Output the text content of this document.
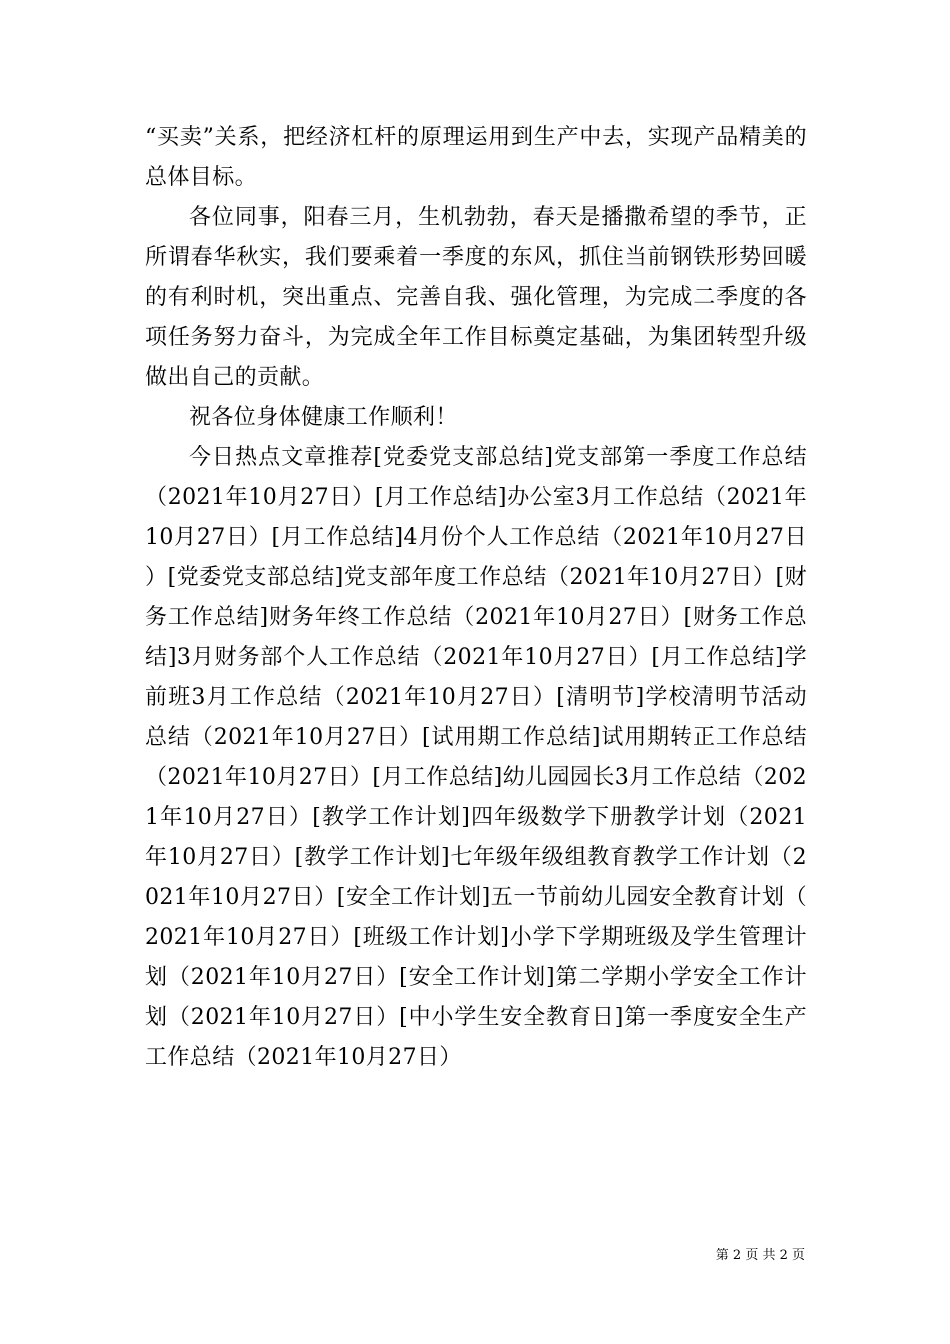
“买卖”关系，把经济杠杆的原理运用到生产中去，实现产品精美的总体目标。

各位同事，阳春三月，生机勃勃，春天是播撒希望的季节，正所谓春华秋实，我们要乘着一季度的东风，抓住当前钢铁形势回暖的有利时机，突出重点、完善自我、强化管理，为完成二季度的各项任务努力奋斗，为完成全年工作目标奠定基础，为集团转型升级做出自己的贡献。

祝各位身体健康工作顺利！

今日热点文章推荐[党委党支部总结]党支部第一季度工作总结（2021年10月27日）[月工作总结]办公室3月工作总结（2021年10月27日）[月工作总结]4月份个人工作总结（2021年10月27日）[党委党支部总结]党支部年度工作总结（2021年10月27日）[财务工作总结]财务年终工作总结（2021年10月27日）[财务工作总结]3月财务部个人工作总结（2021年10月27日）[月工作总结]学前班3月工作总结（2021年10月27日）[清明节]学校清明节活动总结（2021年10月27日）[试用期工作总结]试用期转正工作总结（2021年10月27日）[月工作总结]幼儿园园长3月工作总结（2021年10月27日）[教学工作计划]四年级数学下册教学计划（2021年10月27日）[教学工作计划]七年级年级组教育教学工作计划（2021年10月27日）[安全工作计划]五一节前幼儿园安全教育计划（2021年10月27日）[班级工作计划]小学下学期班级及学生管理计划（2021年10月27日）[安全工作计划]第二学期小学安全工作计划（2021年10月27日）[中小学生安全教育日]第一季度安全生产工作总结（2021年10月27日）

第 2 页 共 2 页
